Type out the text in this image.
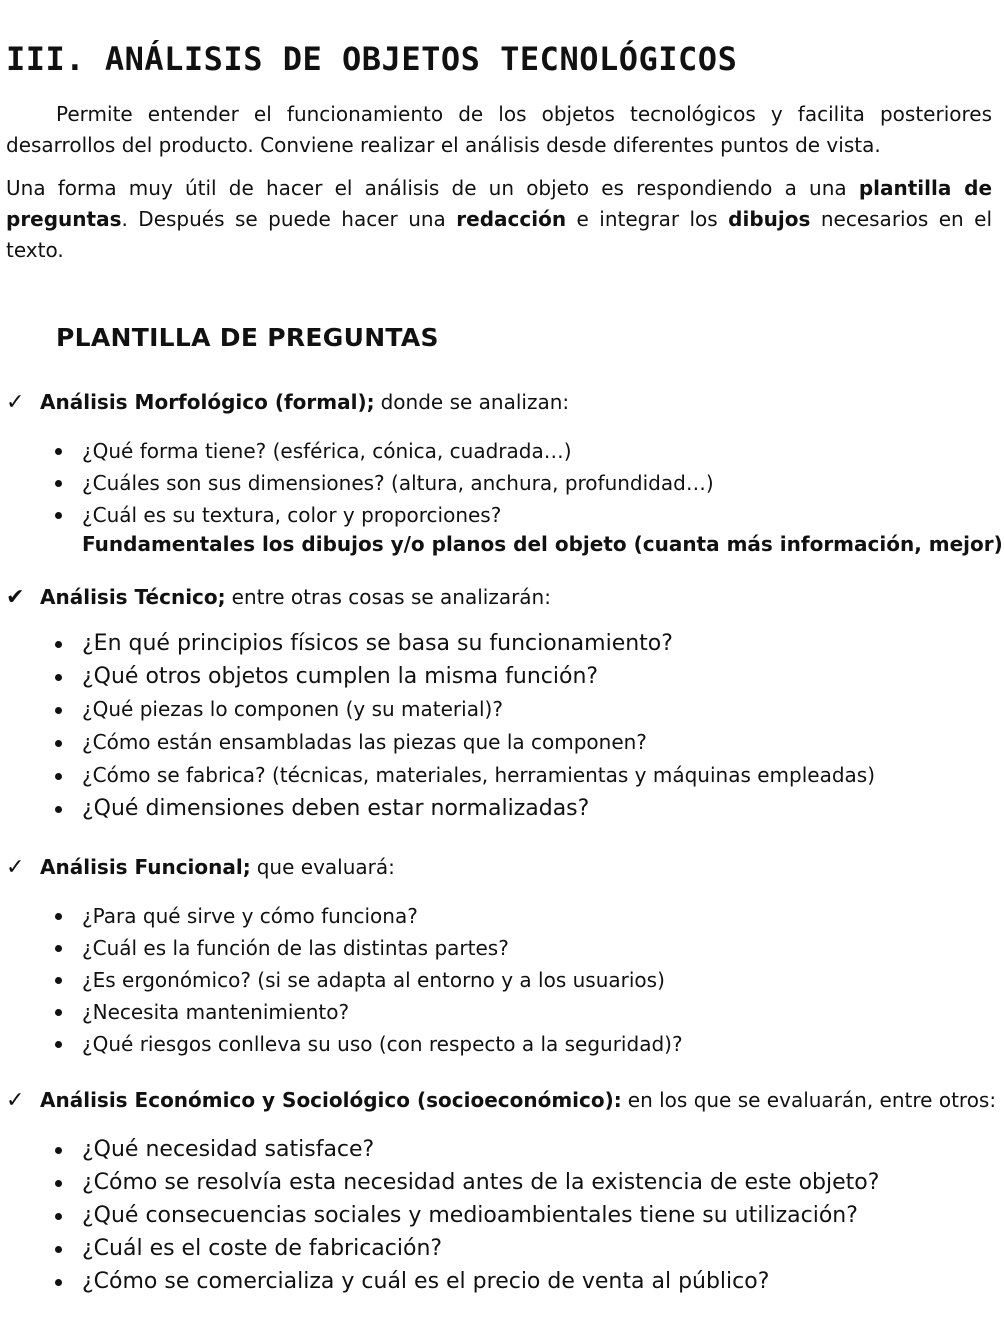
III. ANÁLISIS DE OBJETOS TECNOLÓGICOS

Permite entender el funcionamiento de los objetos tecnológicos y facilita posteriores desarrollos del producto. Conviene realizar el análisis desde diferentes puntos de vista.

Una forma muy útil de hacer el análisis de un objeto es respondiendo a una plantilla de preguntas. Después se puede hacer una redacción e integrar los dibujos necesarios en el texto.

PLANTILLA DE PREGUNTAS
✓ Análisis Morfológico (formal); donde se analizan:
¿Qué forma tiene? (esférica, cónica, cuadrada…)
¿Cuáles son sus dimensiones? (altura, anchura, profundidad…)
¿Cuál es su textura, color y proporciones?

Fundamentales los dibujos y/o planos del objeto (cuanta más información, mejor)

✔ Análisis Técnico; entre otras cosas se analizarán:
¿En qué principios físicos se basa su funcionamiento?
¿Qué otros objetos cumplen la misma función?
¿Qué piezas lo componen (y su material)?
¿Cómo están ensambladas las piezas que la componen?
¿Cómo se fabrica? (técnicas, materiales, herramientas y máquinas empleadas)
¿Qué dimensiones deben estar normalizadas?
✓ Análisis Funcional; que evaluará:
¿Para qué sirve y cómo funciona?
¿Cuál es la función de las distintas partes?
¿Es ergonómico? (si se adapta al entorno y a los usuarios)
¿Necesita mantenimiento?
¿Qué riesgos conlleva su uso (con respecto a la seguridad)?
✓ Análisis Económico y Sociológico (socioeconómico): en los que se evaluarán, entre otros:
¿Qué necesidad satisface?
¿Cómo se resolvía esta necesidad antes de la existencia de este objeto?
¿Qué consecuencias sociales y medioambientales tiene su utilización?
¿Cuál es el coste de fabricación?
¿Cómo se comercializa y cuál es el precio de venta al público?
